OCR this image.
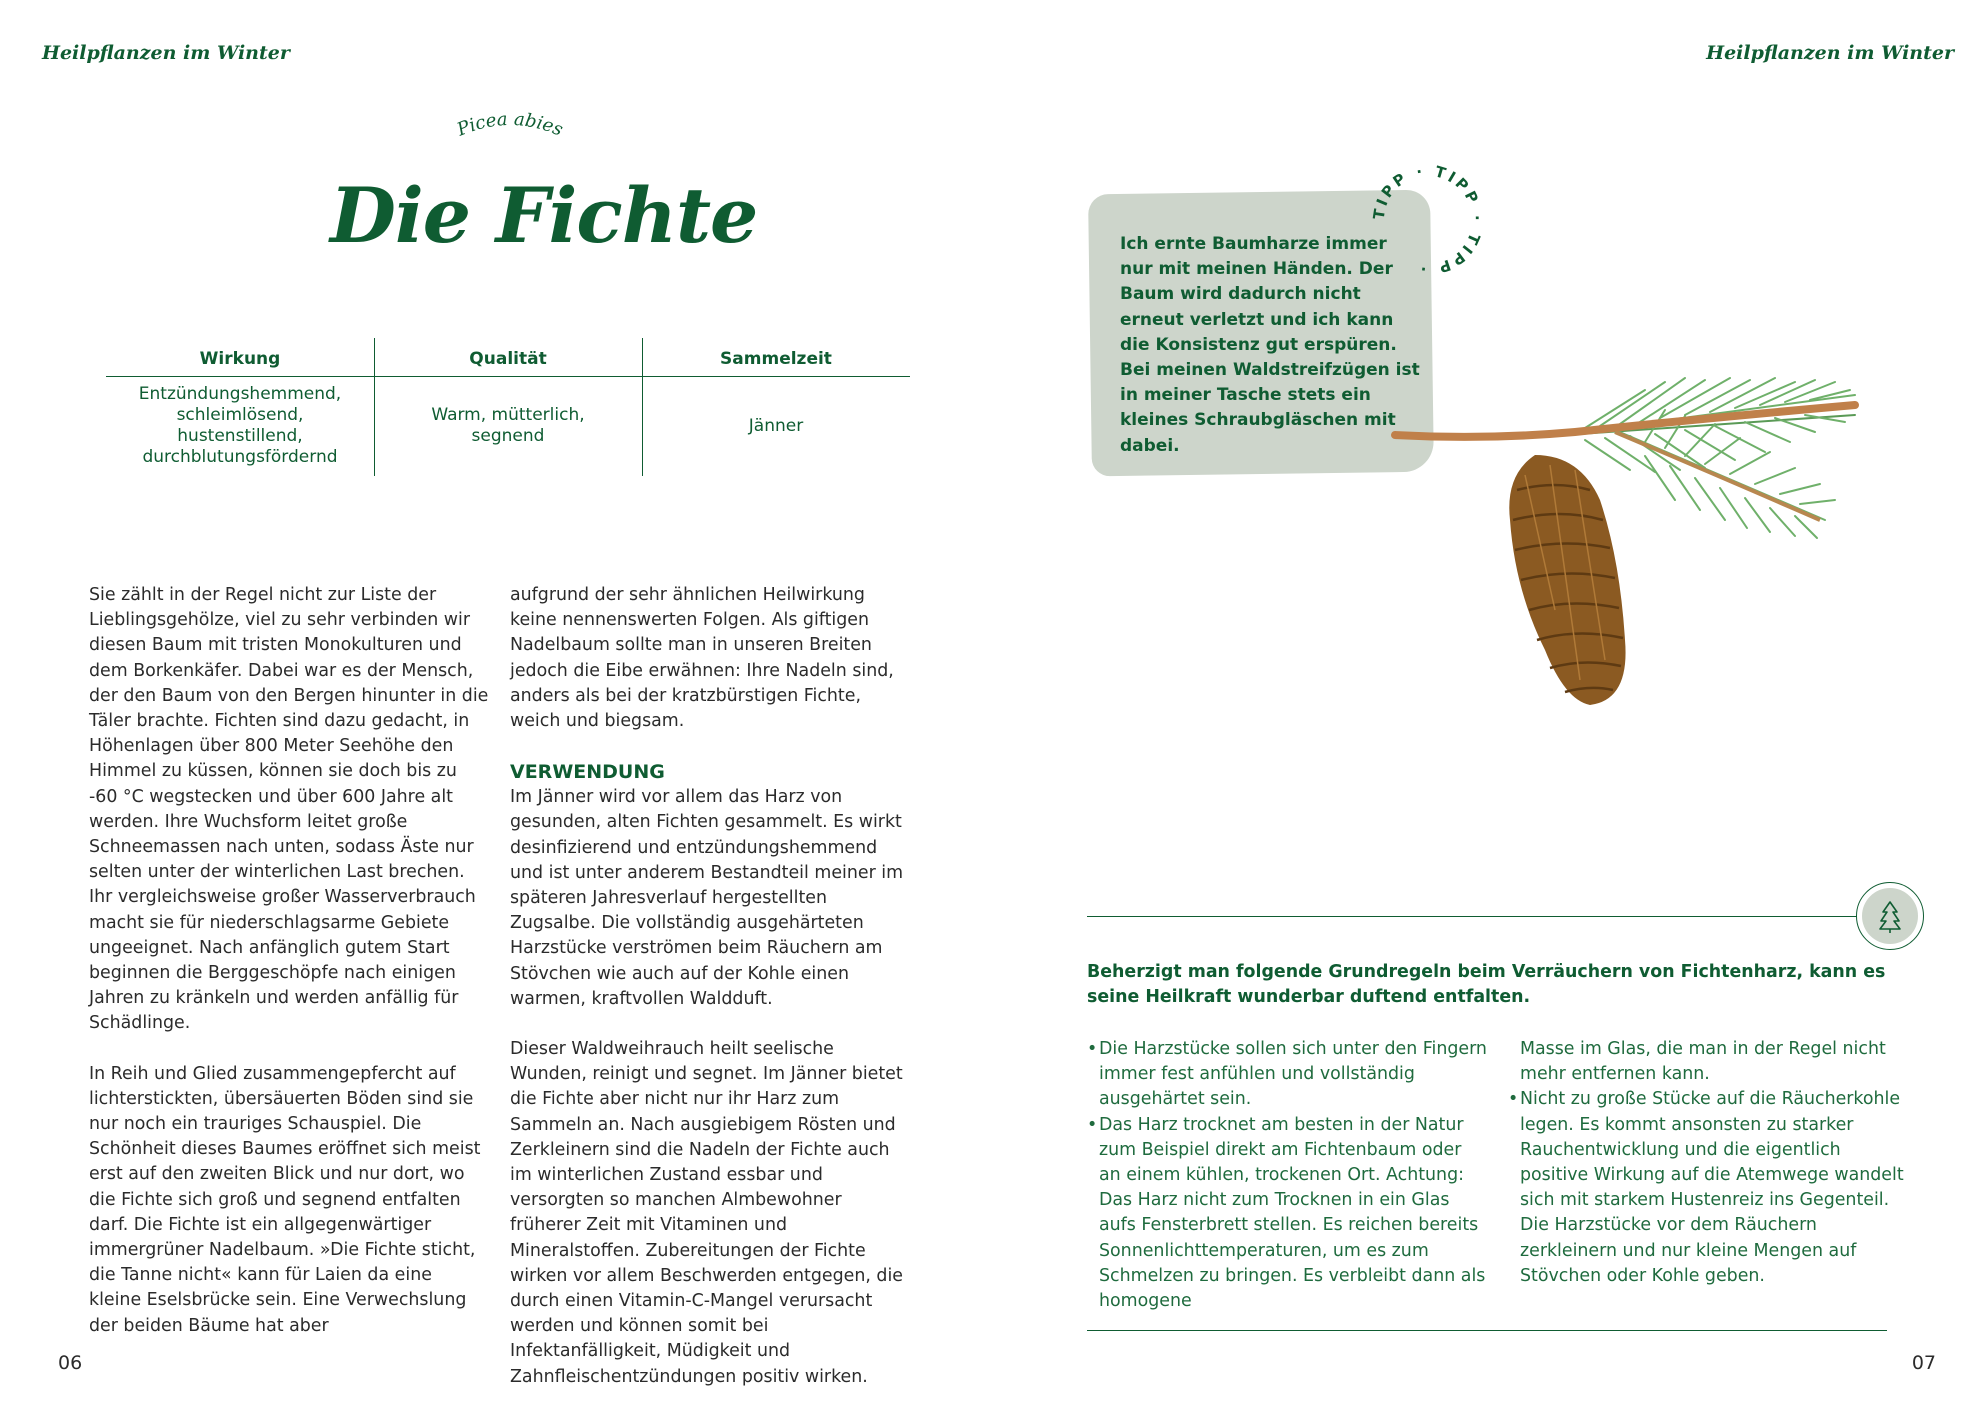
Heilpflanzen im Winter	Heilpflanzen im Winter
Picea abies
Die Fichte
Wirkung
Entzündungshemmend,
schleimlösend,
hustenstillend,
durchblutungsfördernd
Qualität
Warm, mütterlich,
segnend
Sammelzeit
Jänner

Sie zählt in der Regel nicht zur Liste der Lieblingsgehölze, viel zu sehr verbinden wir diesen Baum mit tristen Monokulturen und dem Borkenkäfer. Dabei war es der Mensch, der den Baum von den Bergen hinunter in die Täler brachte. Fichten sind dazu gedacht, in Höhenlagen über 800 Meter Seehöhe den Himmel zu küssen, können sie doch bis zu -60 °C wegstecken und über 600 Jahre alt werden. Ihre Wuchsform leitet große Schneemassen nach unten, sodass Äste nur selten unter der winterlichen Last brechen. Ihr vergleichsweise großer Wasserverbrauch macht sie für niederschlagsarme Gebiete ungeeignet. Nach anfänglich gutem Start beginnen die Berggeschöpfe nach einigen Jahren zu kränkeln und werden anfällig für Schädlinge.

In Reih und Glied zusammengepfercht auf lichterstickten, übersäuerten Böden sind sie nur noch ein trauriges Schauspiel. Die Schönheit dieses Baumes eröffnet sich meist erst auf den zweiten Blick und nur dort, wo die Fichte sich groß und segnend entfalten darf. Die Fichte ist ein allgegenwärtiger immergrüner Nadelbaum. »Die Fichte sticht, die Tanne nicht« kann für Laien da eine kleine Eselsbrücke sein. Eine Verwechslung der beiden Bäume hat aber

aufgrund der sehr ähnlichen Heilwirkung keine nennenswerten Folgen. Als giftigen Nadelbaum sollte man in unseren Breiten jedoch die Eibe erwähnen: Ihre Nadeln sind, anders als bei der kratzbürstigen Fichte, weich und biegsam.

VERWENDUNG

Im Jänner wird vor allem das Harz von gesunden, alten Fichten gesammelt. Es wirkt desinfizierend und entzündungshemmend und ist unter anderem Bestandteil meiner im späteren Jahresverlauf hergestellten Zugsalbe. Die vollständig ausgehärteten Harzstücke verströmen beim Räuchern am Stövchen wie auch auf der Kohle einen warmen, kraftvollen Waldduft.

Dieser Waldweihrauch heilt seelische Wunden, reinigt und segnet. Im Jänner bietet die Fichte aber nicht nur ihr Harz zum Sammeln an. Nach ausgiebigem Rösten und Zerkleinern sind die Nadeln der Fichte auch im winterlichen Zustand essbar und versorgten so manchen Almbewohner früherer Zeit mit Vitaminen und Mineralstoffen. Zubereitungen der Fichte wirken vor allem Beschwerden entgegen, die durch einen Vitamin-C-Mangel verursacht werden und können somit bei Infektanfälligkeit, Müdigkeit und Zahnfleischentzündungen positiv wirken.

06	07
Ich ernte Baumharze immer nur mit meinen Händen. Der Baum wird dadurch nicht erneut verletzt und ich kann die Konsistenz gut erspüren. Bei meinen Waldstreifzügen ist in meiner Tasche stets ein kleines Schraubgläschen mit dabei.
TIPP · TIPP · TIPP ·
Beherzigt man folgende Grundregeln beim Verräuchern von Fichtenharz, kann es seine Heilkraft wunderbar duftend entfalten.
• Die Harzstücke sollen sich unter den Fingern immer fest anfühlen und vollständig ausgehärtet sein.
• Das Harz trocknet am besten in der Natur zum Beispiel direkt am Fichtenbaum oder an einem kühlen, trockenen Ort. Achtung: Das Harz nicht zum Trocknen in ein Glas aufs Fensterbrett stellen. Es reichen bereits Sonnenlichttemperaturen, um es zum Schmelzen zu bringen. Es verbleibt dann als homogene

Masse im Glas, die man in der Regel nicht mehr entfernen kann.

• Nicht zu große Stücke auf die Räucherkohle legen. Es kommt ansonsten zu starker Rauchentwicklung und die eigentlich positive Wirkung auf die Atemwege wandelt sich mit starkem Hustenreiz ins Gegenteil. Die Harzstücke vor dem Räuchern zerkleinern und nur kleine Mengen auf Stövchen oder Kohle geben.
